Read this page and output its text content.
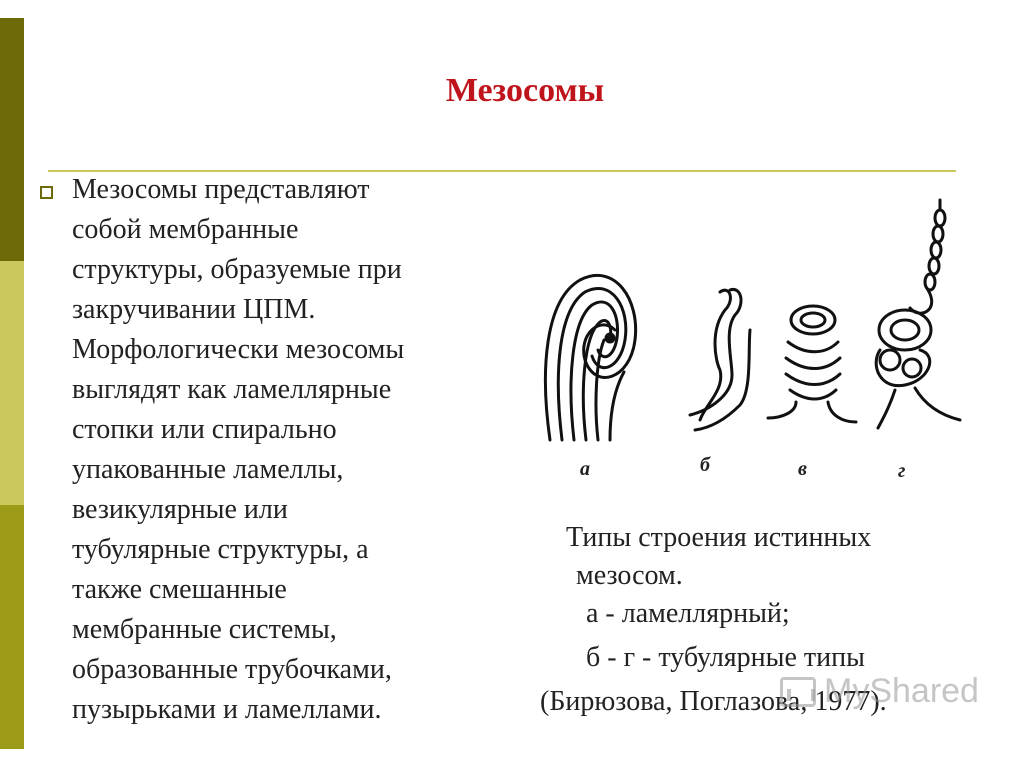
Мезосомы
Мезосомы представляют
собой мембранные
структуры, образуемые при
закручивании ЦПМ.
Морфологически мезосомы
выглядят как ламеллярные
стопки или спирально
упакованные ламеллы,
везикулярные или
тубулярные структуры, а
также смешанные
мембранные системы,
образованные трубочками,
пузырьками и ламеллами.
а	б	в	г
Типы строения истинных
мезосом.
а - ламеллярный;
б - г - тубулярные типы
(Бирюзова, Поглазова, 1977).
MyShared
